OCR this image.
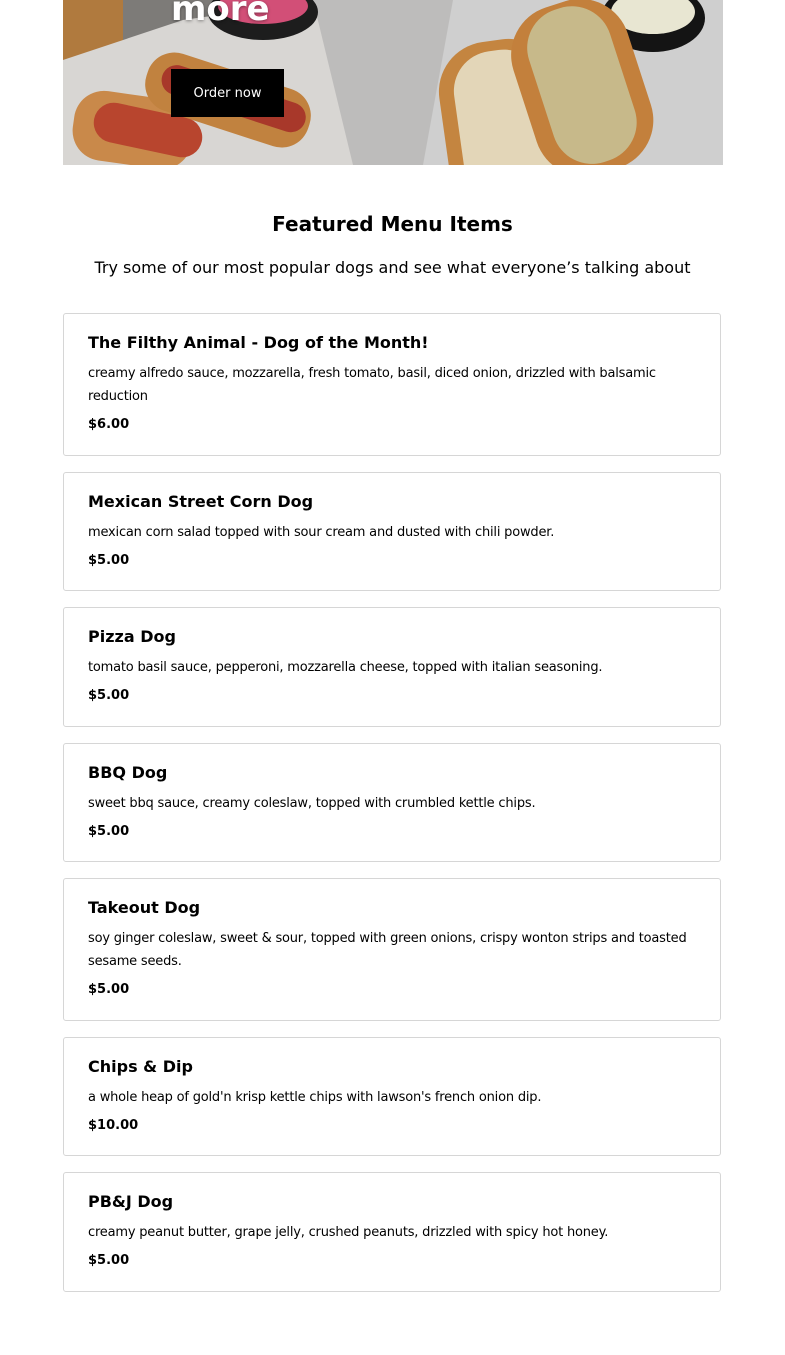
more
Order now
Featured Menu Items

Try some of our most popular dogs and see what everyone’s talking about

The Filthy Animal - Dog of the Month!

creamy alfredo sauce, mozzarella, fresh tomato, basil, diced onion, drizzled with balsamic reduction

$6.00

Mexican Street Corn Dog

mexican corn salad topped with sour cream and dusted with chili powder.

$5.00

Pizza Dog

tomato basil sauce, pepperoni, mozzarella cheese, topped with italian seasoning.

$5.00

BBQ Dog

sweet bbq sauce, creamy coleslaw, topped with crumbled kettle chips.

$5.00

Takeout Dog

soy ginger coleslaw, sweet & sour, topped with green onions, crispy wonton strips and toasted sesame seeds.

$5.00

Chips & Dip

a whole heap of gold'n krisp kettle chips with lawson's french onion dip.

$10.00

PB&J Dog

creamy peanut butter, grape jelly, crushed peanuts, drizzled with spicy hot honey.

$5.00
